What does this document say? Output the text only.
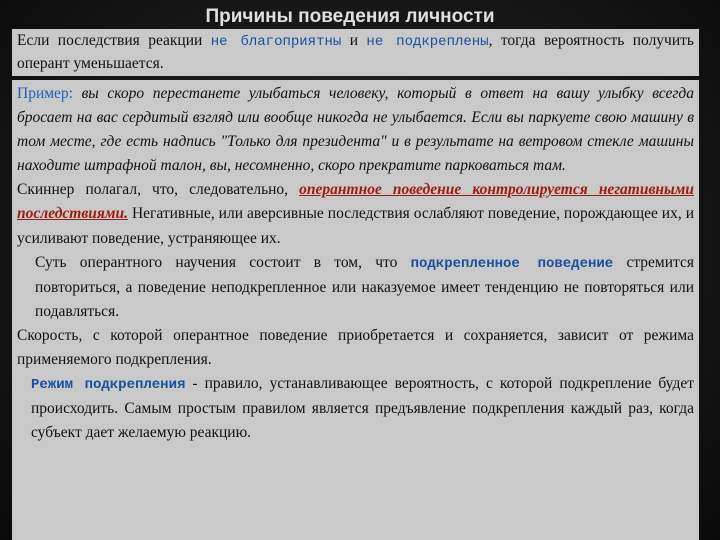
Причины поведения личности
Если последствия реакции не благоприятны и не подкреплены, тогда вероятность получить оперант уменьшается.

Пример: вы скоро перестанете улыбаться человеку, который в ответ на вашу улыбку всегда бросает на вас сердитый взгляд или вообще никогда не улыбается. Если вы паркуете свою машину в том месте, где есть надпись "Только для президента" и в результате на ветровом стекле машины находите штрафной талон, вы, несомненно, скоро прекратите парковаться там.

Скиннер полагал, что, следовательно, оперантное поведение контролируется негативными последствиями. Негативные, или аверсивные последствия ослабляют поведение, порождающее их, и усиливают поведение, устраняющее их.

Суть оперантного научения состоит в том, что подкрепленное поведение стремится повториться, а поведение неподкрепленное или наказуемое имеет тенденцию не повторяться или подавляться.

Скорость, с которой оперантное поведение приобретается и сохраняется, зависит от режима применяемого подкрепления.

Режим подкрепления - правило, устанавливающее вероятность, с которой подкрепление будет происходить. Самым простым правилом является предъявление подкрепления каждый раз, когда субъект дает желаемую реакцию.
